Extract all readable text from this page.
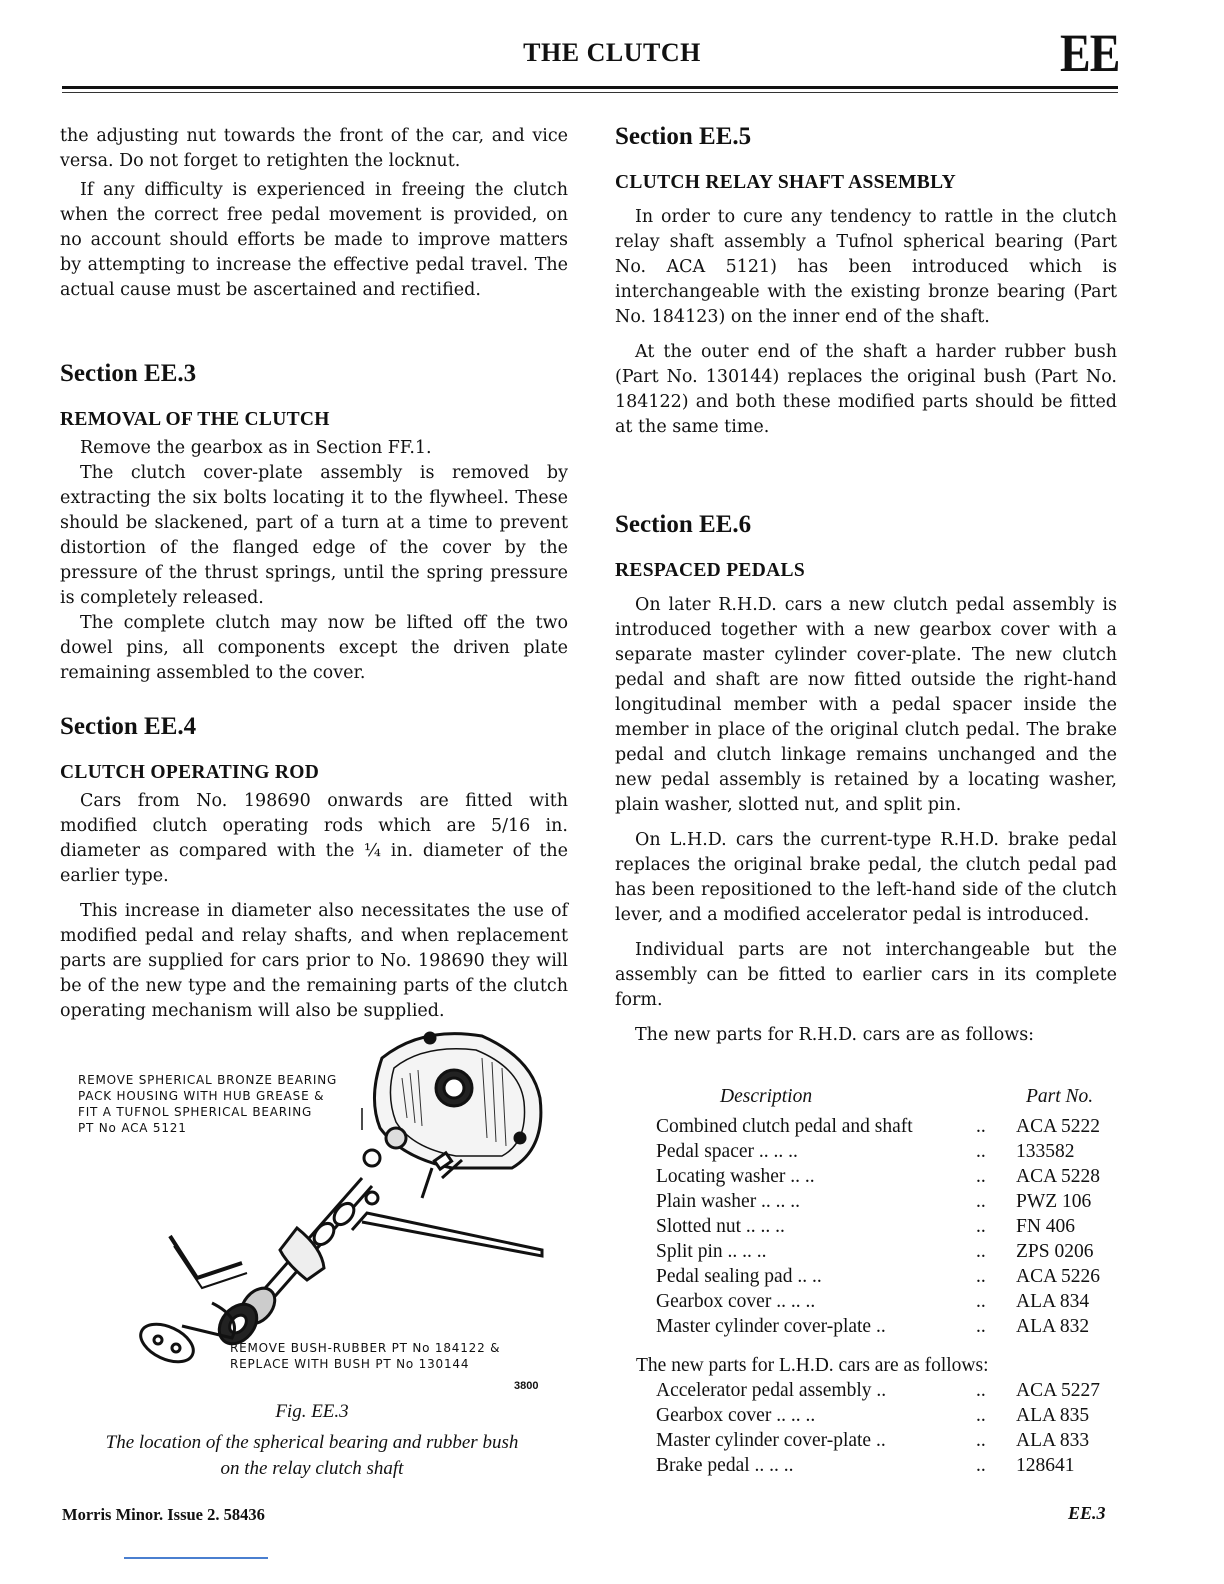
THE CLUTCH	EE

the adjusting nut towards the front of the car, and vice versa. Do not forget to retighten the locknut.

If any difficulty is experienced in freeing the clutch when the correct free pedal movement is provided, on no account should efforts be made to improve matters by attempting to increase the effective pedal travel. The actual cause must be ascertained and rectified.

Section EE.3

REMOVAL OF THE CLUTCH

Remove the gearbox as in Section FF.1.

The clutch cover-plate assembly is removed by extracting the six bolts locating it to the flywheel. These should be slackened, part of a turn at a time to prevent distortion of the flanged edge of the cover by the pressure of the thrust springs, until the spring pressure is completely released.

The complete clutch may now be lifted off the two dowel pins, all components except the driven plate remaining assembled to the cover.

Section EE.4

CLUTCH OPERATING ROD

Cars from No. 198690 onwards are fitted with modified clutch operating rods which are 5/16 in. diameter as compared with the ¼ in. diameter of the earlier type.

This increase in diameter also necessitates the use of modified pedal and relay shafts, and when replacement parts are supplied for cars prior to No. 198690 they will be of the new type and the remaining parts of the clutch operating mechanism will also be supplied.

REMOVE SPHERICAL BRONZE BEARING
PACK HOUSING WITH HUB GREASE &
FIT A TUFNOL SPHERICAL BEARING
PT No ACA 5121
REMOVE BUSH-RUBBER PT No 184122 &
REPLACE WITH BUSH PT No 130144
3800
Fig. EE.3
The location of the spherical bearing and rubber bush
on the relay clutch shaft

Section EE.5

CLUTCH RELAY SHAFT ASSEMBLY

In order to cure any tendency to rattle in the clutch relay shaft assembly a Tufnol spherical bearing (Part No. ACA 5121) has been introduced which is interchangeable with the existing bronze bearing (Part No. 184123) on the inner end of the shaft.

At the outer end of the shaft a harder rubber bush (Part No. 130144) replaces the original bush (Part No. 184122) and both these modified parts should be fitted at the same time.

Section EE.6

RESPACED PEDALS

On later R.H.D. cars a new clutch pedal assembly is introduced together with a new gearbox cover with a separate master cylinder cover-plate. The new clutch pedal and shaft are now fitted outside the right-hand longitudinal member with a pedal spacer inside the member in place of the original clutch pedal. The brake pedal and clutch linkage remains unchanged and the new pedal assembly is retained by a locating washer, plain washer, slotted nut, and split pin.

On L.H.D. cars the current-type R.H.D. brake pedal replaces the original brake pedal, the clutch pedal pad has been repositioned to the left-hand side of the clutch lever, and a modified accelerator pedal is introduced.

Individual parts are not interchangeable but the assembly can be fitted to earlier cars in its complete form.

The new parts for R.H.D. cars are as follows:

Description	Part No.
Combined clutch pedal and shaft	.. ACA 5222
Pedal spacer .. .. ..	.. 133582
Locating washer .. ..	.. ACA 5228
Plain washer .. .. ..	.. PWZ 106
Slotted nut .. .. ..	.. FN 406
Split pin .. .. ..	.. ZPS 0206
Pedal sealing pad .. ..	.. ACA 5226
Gearbox cover .. .. ..	.. ALA 834
Master cylinder cover-plate ..	.. ALA 832
The new parts for L.H.D. cars are as follows:
Accelerator pedal assembly ..	.. ACA 5227
Gearbox cover .. .. ..	.. ALA 835
Master cylinder cover-plate ..	.. ALA 833
Brake pedal .. .. ..	.. 128641
Morris Minor. Issue 2. 58436	EE.3
